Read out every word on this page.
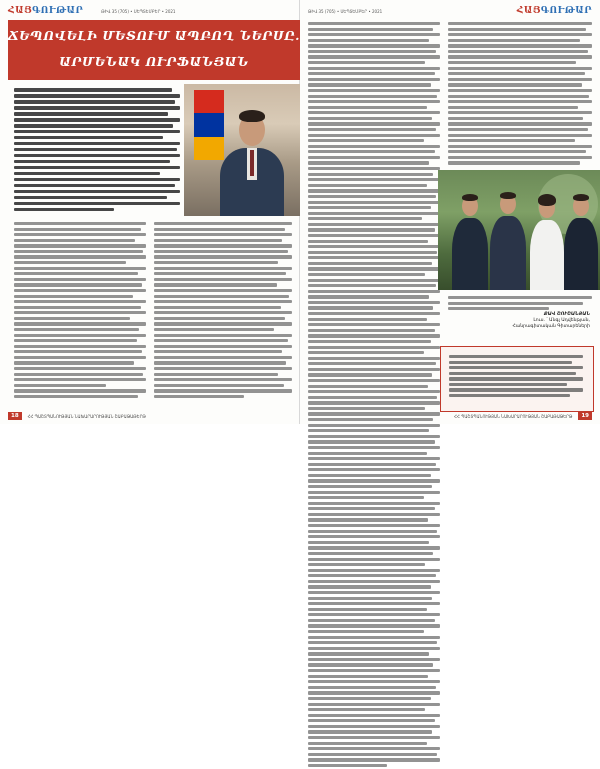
ՀԱՅԳՈՒԹԱՐ	ԹԻՎ 35 (705) • ՍԵՊՏԵՄԲԵՐ • 2021
ՃԵՊՈՎԵԼԻ ՄԵՏՈՒՄ ԱՊԲՈՂ ՆԵՐՍԸ.
ԱՐՄԵՆԱԿ ՈՒՐՖԱՆՅԱՆ
18	ՀՀ ՊԱՇՏՊԱՆՈՒԹՅԱՆ ՆԱԽԱՐԱՐՈՒԹՅԱՆ ՇԱԲԱԹԱԹԵՐԹ
ԹԻՎ 35 (705) • ՍԵՊՏԵՄԲԵՐ • 2021	ՀԱՅԳՈՒԹԱՐ
ՔԱՎ ՇՈՒՇԱՆՅԱՆ
Լուս. ՝ Անգլ Ադվենթյան,
Հանրագիտական Գիտարեների
ՀՀ ՊԱՇՏՊԱՆՈՒԹՅԱՆ ՆԱԽԱՐԱՐՈՒԹՅԱՆ ՇԱԲԱԹԱԹԵՐԹ	19
